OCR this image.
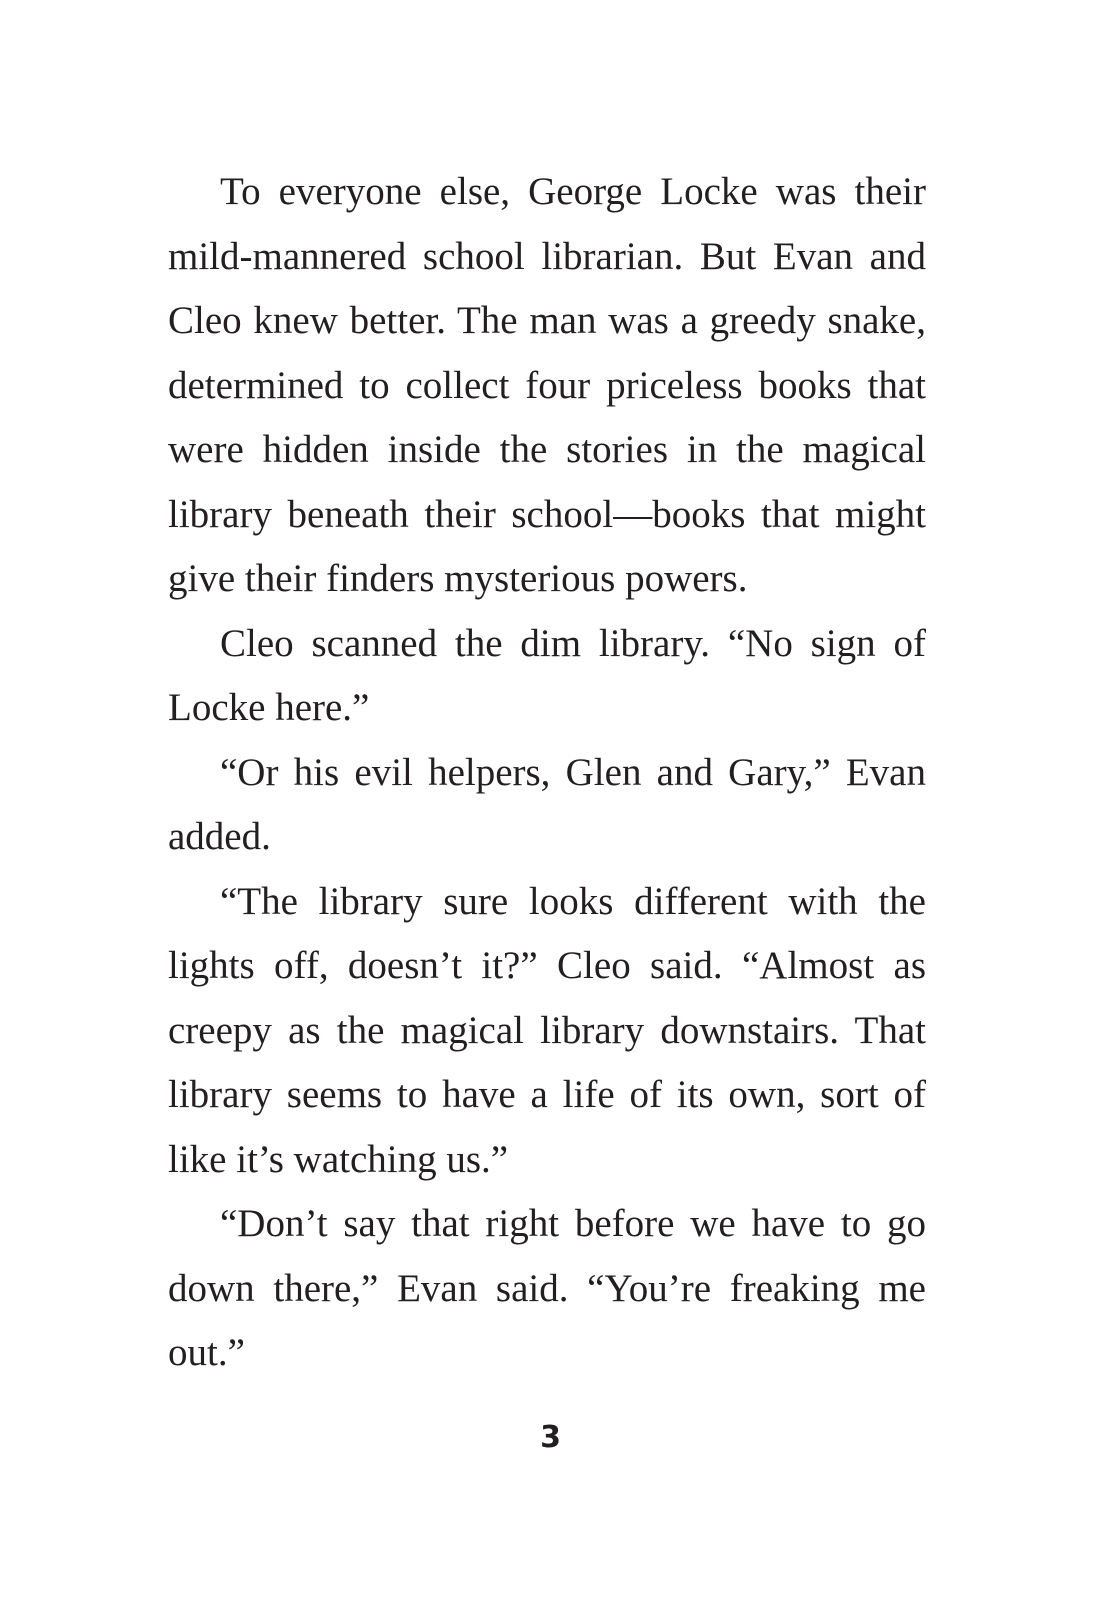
To everyone else, George Locke was their mild-mannered school librarian. But Evan and Cleo knew better. The man was a greedy snake, determined to collect four priceless books that were hidden inside the stories in the magical library beneath their school—books that might give their finders mysterious powers.

Cleo scanned the dim library. “No sign of Locke here.”

“Or his evil helpers, Glen and Gary,” Evan added.

“The library sure looks different with the lights off, doesn’t it?” Cleo said. “Almost as creepy as the magical library downstairs. That library seems to have a life of its own, sort of like it’s watching us.”

“Don’t say that right before we have to go down there,” Evan said. “You’re freaking me out.”

3
